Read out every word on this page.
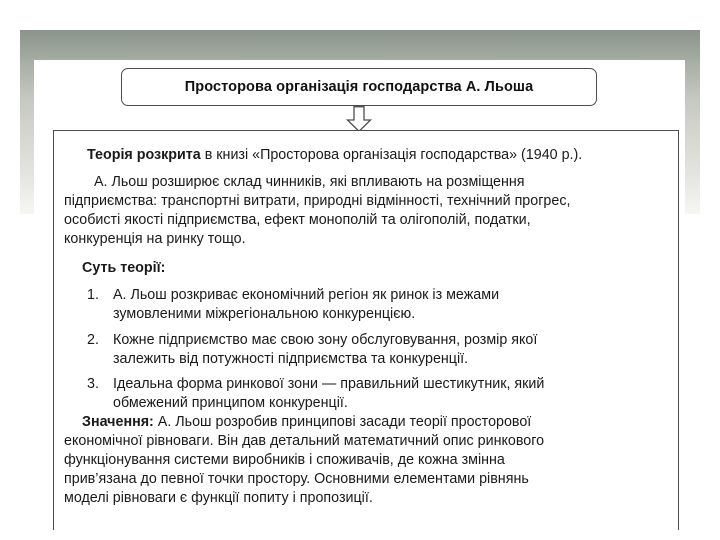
Просторова організація господарства А. Льоша
Теорія розкрита в книзі «Просторова організація господарства» (1940 р.).
А. Льош розширює склад чинників, які впливають на розміщення
підприємства: транспортні витрати, природні відмінності, технічний прогрес,
особисті якості підприємства, ефект монополій та олігополій, податки,
конкуренція на ринку тощо.
Суть теорії:
1. А. Льош розкриває економічний регіон як ринок із межами
зумовленими міжрегіональною конкуренцією.
2. Кожне підприємство має свою зону обслуговування, розмір якої
залежить від потужності підприємства та конкуренції.
3. Ідеальна форма ринкової зони — правильний шестикутник, який
обмежений принципом конкуренції.
Значення: А. Льош розробив принципові засади теорії просторової
економічної рівноваги. Він дав детальний математичний опис ринкового
функціонування системи виробників і споживачів, де кожна змінна
прив’язана до певної точки простору. Основними елементами рівнянь
моделі рівноваги є функції попиту і пропозиції.
